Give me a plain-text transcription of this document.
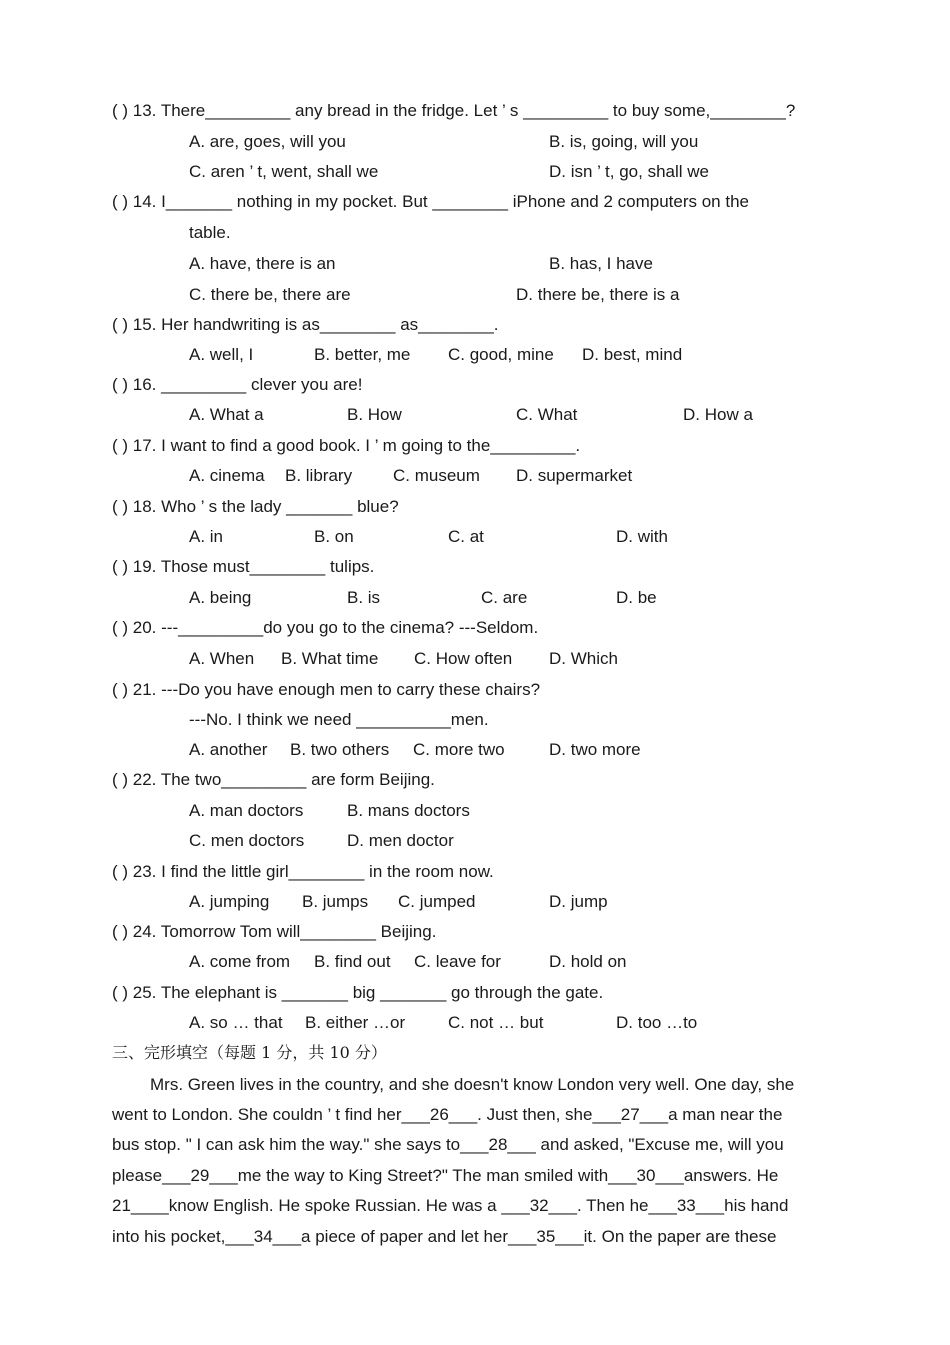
( ) 13. There_________ any bread in the fridge. Let ’ s _________ to buy some,________?
A. are, goes, will you	B. is, going, will you
C. aren ’ t, went, shall we	D. isn ’ t, go, shall we
( ) 14. I_______ nothing in my pocket. But ________ iPhone and 2 computers on the
table.
A. have, there is an	B. has, I have
C. there be, there are	D. there be, there is a
( ) 15. Her handwriting is as________ as________.
A. well, I	B. better, me C. good, mine D. best, mind
( ) 16. _________ clever you are!
A. What a	B. How	C. What	D. How a
( ) 17. I want to find a good book. I ’ m going to the_________.
A. cinema B. library C. museum D. supermarket
( ) 18. Who ’ s the lady _______ blue?
A. in	B. on	C. at	D. with
( ) 19. Those must________ tulips.
A. being	B. is	C. are	D. be
( ) 20. ---_________do you go to the cinema? ---Seldom.
A. When B. What time C. How often D. Which
( ) 21. ---Do you have enough men to carry these chairs?
---No. I think we need __________men.
A. another B. two others C. more two	D. two more
( ) 22. The two_________ are form Beijing.
A. man doctors	B. mans doctors
C. men doctors	D. men doctor
( ) 23. I find the little girl________ in the room now.
A. jumping B. jumps C. jumped	D. jump
( ) 24. Tomorrow Tom will________ Beijing.
A. come from B. find out C. leave for	D. hold on
( ) 25. The elephant is _______ big _______ go through the gate.
A. so … that B. either …or	C. not … but	D. too …to
三、完形填空（每题 1 分，共 10 分）
Mrs. Green lives in the country, and she doesn't know London very well. One day, she
went to London. She couldn ’ t find her___26___. Just then, she___27___a man near the
bus stop. " I can ask him the way." she says to___28___ and asked, "Excuse me, will you
please___29___me the way to King Street?" The man smiled with___30___answers. He
21____know English. He spoke Russian. He was a ___32___. Then he___33___his hand
into his pocket,___34___a piece of paper and let her___35___it. On the paper are these
